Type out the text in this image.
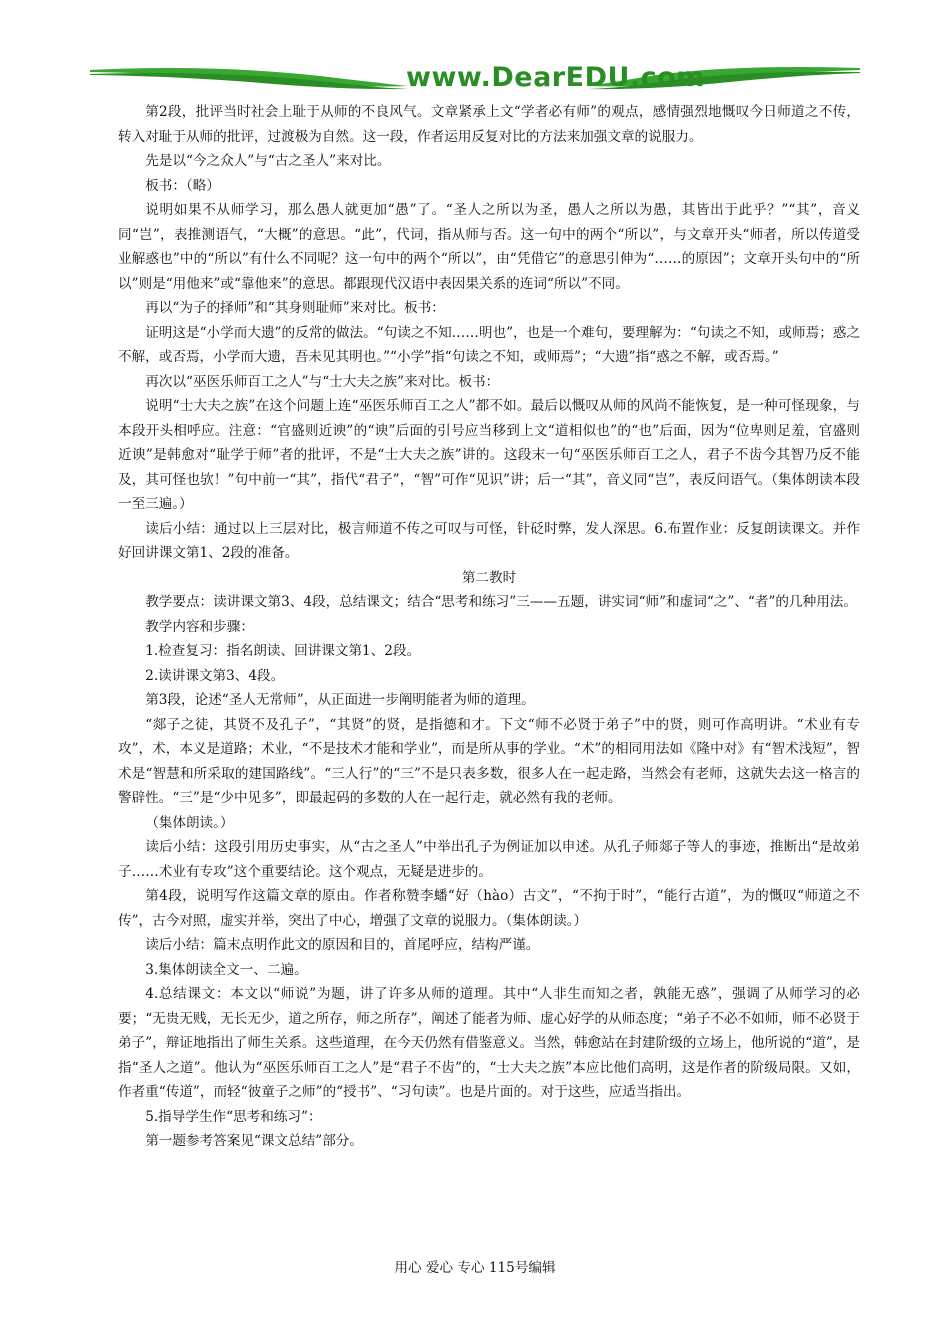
www.DearEDU.com

第2段，批评当时社会上耻于从师的不良风气。文章紧承上文“学者必有师”的观点，感情强烈地慨叹今日师道之不传，转入对耻于从师的批评，过渡极为自然。这一段，作者运用反复对比的方法来加强文章的说服力。

先是以“今之众人”与“古之圣人”来对比。

板书：（略）

说明如果不从师学习，那么愚人就更加“愚”了。“圣人之所以为圣，愚人之所以为愚，其皆出于此乎？”“其”，音义同“岂”，表推测语气，“大概”的意思。“此”，代词，指从师与否。这一句中的两个“所以”，与文章开头“师者，所以传道受业解惑也”中的“所以”有什么不同呢？这一句中的两个“所以”，由“凭借它”的意思引伸为“……的原因”；文章开头句中的“所以”则是“用他来”或“靠他来”的意思。都跟现代汉语中表因果关系的连词“所以”不同。

再以“为子的择师”和“其身则耻师”来对比。板书：

证明这是“小学而大遗”的反常的做法。“句读之不知……明也”，也是一个难句，要理解为：“句读之不知，或师焉；惑之不解，或否焉，小学而大遗，吾未见其明也。”“小学”指“句读之不知，或师焉”；“大遗”指“惑之不解，或否焉。”

再次以“巫医乐师百工之人”与“士大夫之族”来对比。板书：

说明“士大夫之族”在这个问题上连“巫医乐师百工之人”都不如。最后以慨叹从师的风尚不能恢复，是一种可怪现象，与本段开头相呼应。注意：“官盛则近谀”的“谀”后面的引号应当移到上文“道相似也”的“也”后面，因为“位卑则足羞，官盛则近谀”是韩愈对“耻学于师”者的批评，不是“士大夫之族”讲的。这段末一句“巫医乐师百工之人，君子不齿今其智乃反不能及，其可怪也欤！”句中前一“其”，指代“君子”，“智”可作“见识”讲；后一“其”，音义同“岂”，表反问语气。（集体朗读本段一至三遍。）

读后小结：通过以上三层对比，极言师道不传之可叹与可怪，针砭时弊，发人深思。6.布置作业：反复朗读课文。并作好回讲课文第1、2段的准备。

第二教时

教学要点：读讲课文第3、4段，总结课文；结合“思考和练习”三——五题，讲实词“师”和虚词“之”、“者”的几种用法。

教学内容和步骤：

1.检查复习：指名朗读、回讲课文第1、2段。

2.读讲课文第3、4段。

第3段，论述“圣人无常师”，从正面进一步阐明能者为师的道理。

“郯子之徒，其贤不及孔子”，“其贤”的贤，是指德和才。下文“师不必贤于弟子”中的贤，则可作高明讲。“术业有专攻”，术，本义是道路；术业，“不是技术才能和学业”，而是所从事的学业。“术”的相同用法如《隆中对》有“智术浅短”，智术是“智慧和所采取的建国路线”。“三人行”的“三”不是只表多数，很多人在一起走路，当然会有老师，这就失去这一格言的警辟性。“三”是“少中见多”，即最起码的多数的人在一起行走，就必然有我的老师。

（集体朗读。）

读后小结：这段引用历史事实，从“古之圣人”中举出孔子为例证加以申述。从孔子师郯子等人的事迹，推断出“是故弟子……术业有专攻”这个重要结论。这个观点，无疑是进步的。

第4段，说明写作这篇文章的原由。作者称赞李蟠“好（hào）古文”，“不拘于时”，“能行古道”，为的慨叹“师道之不传”，古今对照，虚实并举，突出了中心，增强了文章的说服力。（集体朗读。）

读后小结：篇末点明作此文的原因和目的，首尾呼应，结构严谨。

3.集体朗读全文一、二遍。

4.总结课文：本文以“师说”为题，讲了许多从师的道理。其中“人非生而知之者，孰能无惑”，强调了从师学习的必要；“无贵无贱，无长无少，道之所存，师之所存”，阐述了能者为师、虚心好学的从师态度；“弟子不必不如师，师不必贤于弟子”，辩证地指出了师生关系。这些道理，在今天仍然有借鉴意义。当然，韩愈站在封建阶级的立场上，他所说的“道”，是指“圣人之道”。他认为“巫医乐师百工之人”是“君子不齿”的，“士大夫之族”本应比他们高明，这是作者的阶级局限。又如，作者重“传道”，而轻“彼童子之师”的“授书”、“习句读”。也是片面的。对于这些，应适当指出。

5.指导学生作“思考和练习”：

第一题参考答案见“课文总结”部分。

用心 爱心 专心 115号编辑
